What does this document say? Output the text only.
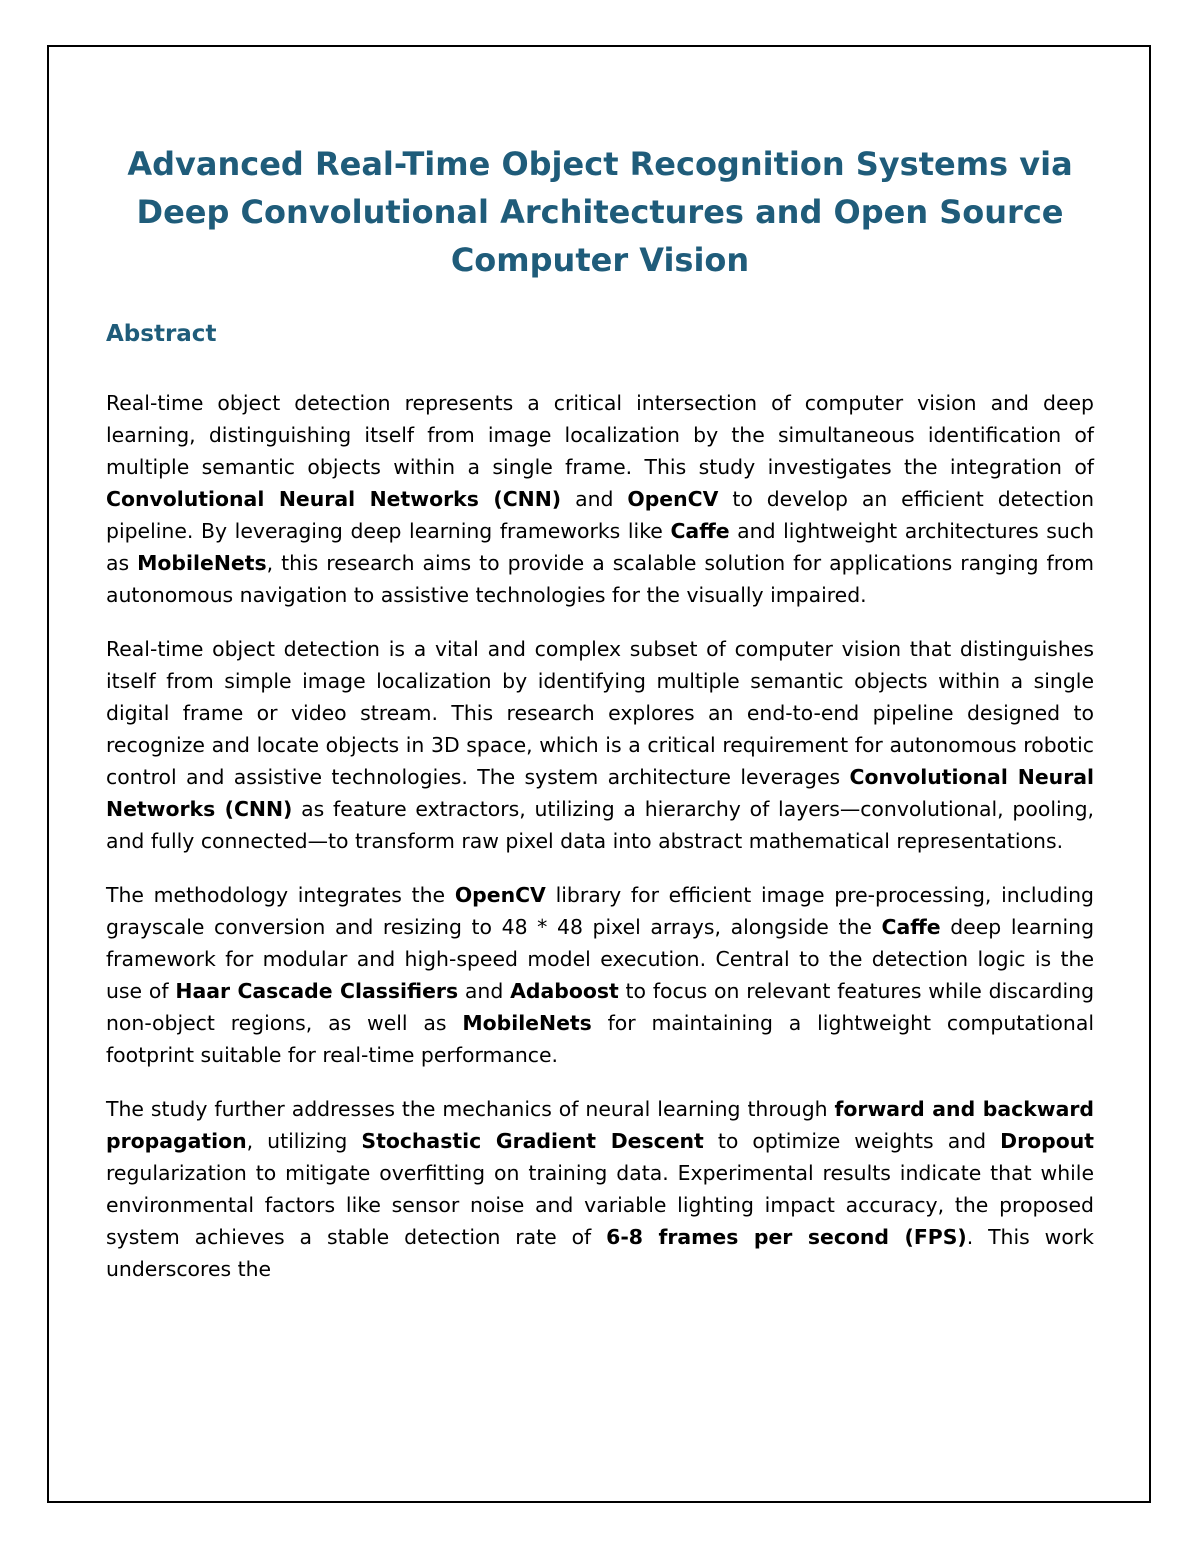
Advanced Real-Time Object Recognition Systems via Deep Convolutional Architectures and Open Source Computer Vision
Abstract

Real-time object detection represents a critical intersection of computer vision and deep learning, distinguishing itself from image localization by the simultaneous identification of multiple semantic objects within a single frame. This study investigates the integration of Convolutional Neural Networks (CNN) and OpenCV to develop an efficient detection pipeline. By leveraging deep learning frameworks like Caffe and lightweight architectures such as MobileNets, this research aims to provide a scalable solution for applications ranging from autonomous navigation to assistive technologies for the visually impaired.

Real-time object detection is a vital and complex subset of computer vision that distinguishes itself from simple image localization by identifying multiple semantic objects within a single digital frame or video stream. This research explores an end-to-end pipeline designed to recognize and locate objects in 3D space, which is a critical requirement for autonomous robotic control and assistive technologies. The system architecture leverages Convolutional Neural Networks (CNN) as feature extractors, utilizing a hierarchy of layers—convolutional, pooling, and fully connected—to transform raw pixel data into abstract mathematical representations.

The methodology integrates the OpenCV library for efficient image pre-processing, including grayscale conversion and resizing to 48 * 48 pixel arrays, alongside the Caffe deep learning framework for modular and high-speed model execution. Central to the detection logic is the use of Haar Cascade Classifiers and Adaboost to focus on relevant features while discarding non-object regions, as well as MobileNets for maintaining a lightweight computational footprint suitable for real-time performance.

The study further addresses the mechanics of neural learning through forward and backward propagation, utilizing Stochastic Gradient Descent to optimize weights and Dropout regularization to mitigate overfitting on training data. Experimental results indicate that while environmental factors like sensor noise and variable lighting impact accuracy, the proposed system achieves a stable detection rate of 6-8 frames per second (FPS). This work underscores the
